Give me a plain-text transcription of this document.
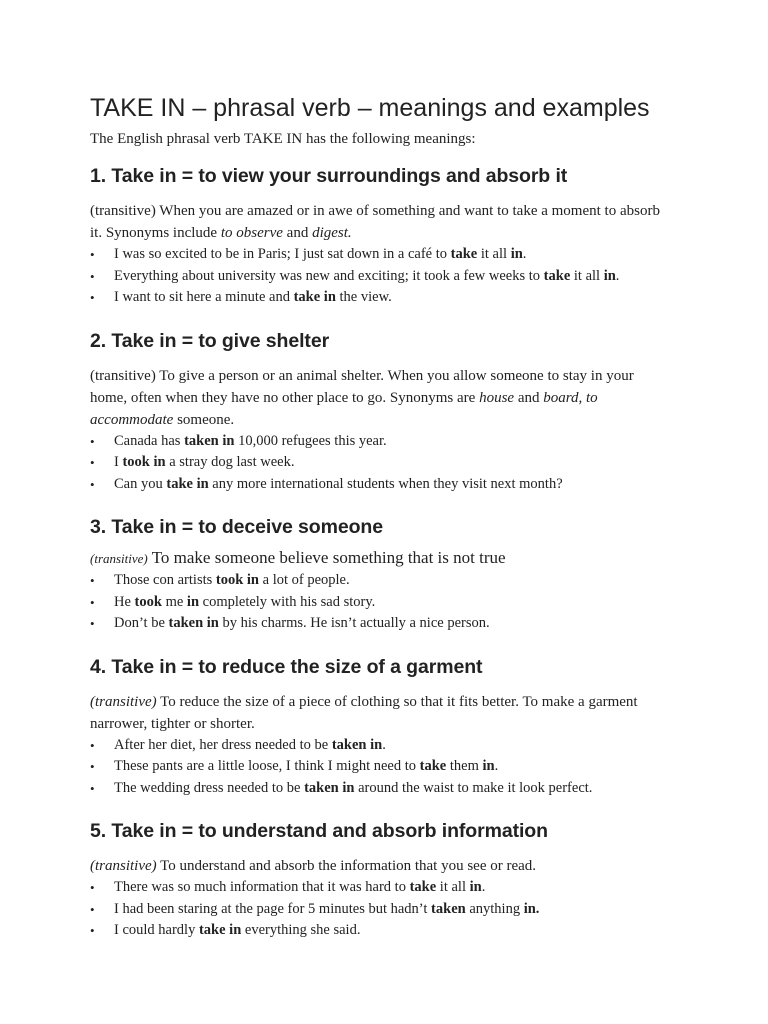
TAKE IN – phrasal verb – meanings and examples

The English phrasal verb TAKE IN has the following meanings:

1. Take in = to view your surroundings and absorb it

(transitive) When you are amazed or in awe of something and want to take a moment to absorb it. Synonyms include to observe and digest.

• I was so excited to be in Paris; I just sat down in a café to take it all in.
• Everything about university was new and exciting; it took a few weeks to take it all in.
• I want to sit here a minute and take in the view.
2. Take in = to give shelter

(transitive) To give a person or an animal shelter. When you allow someone to stay in your home, often when they have no other place to go. Synonyms are house and board, to accommodate someone.

• Canada has taken in 10,000 refugees this year.
• I took in a stray dog last week.
• Can you take in any more international students when they visit next month?
3. Take in = to deceive someone

(transitive) To make someone believe something that is not true

• Those con artists took in a lot of people.
• He took me in completely with his sad story.
• Don’t be taken in by his charms. He isn’t actually a nice person.
4. Take in = to reduce the size of a garment

(transitive) To reduce the size of a piece of clothing so that it fits better. To make a garment narrower, tighter or shorter.

• After her diet, her dress needed to be taken in.
• These pants are a little loose, I think I might need to take them in.
• The wedding dress needed to be taken in around the waist to make it look perfect.
5. Take in = to understand and absorb information

(transitive) To understand and absorb the information that you see or read.

• There was so much information that it was hard to take it all in.
• I had been staring at the page for 5 minutes but hadn’t taken anything in.
• I could hardly take in everything she said.
